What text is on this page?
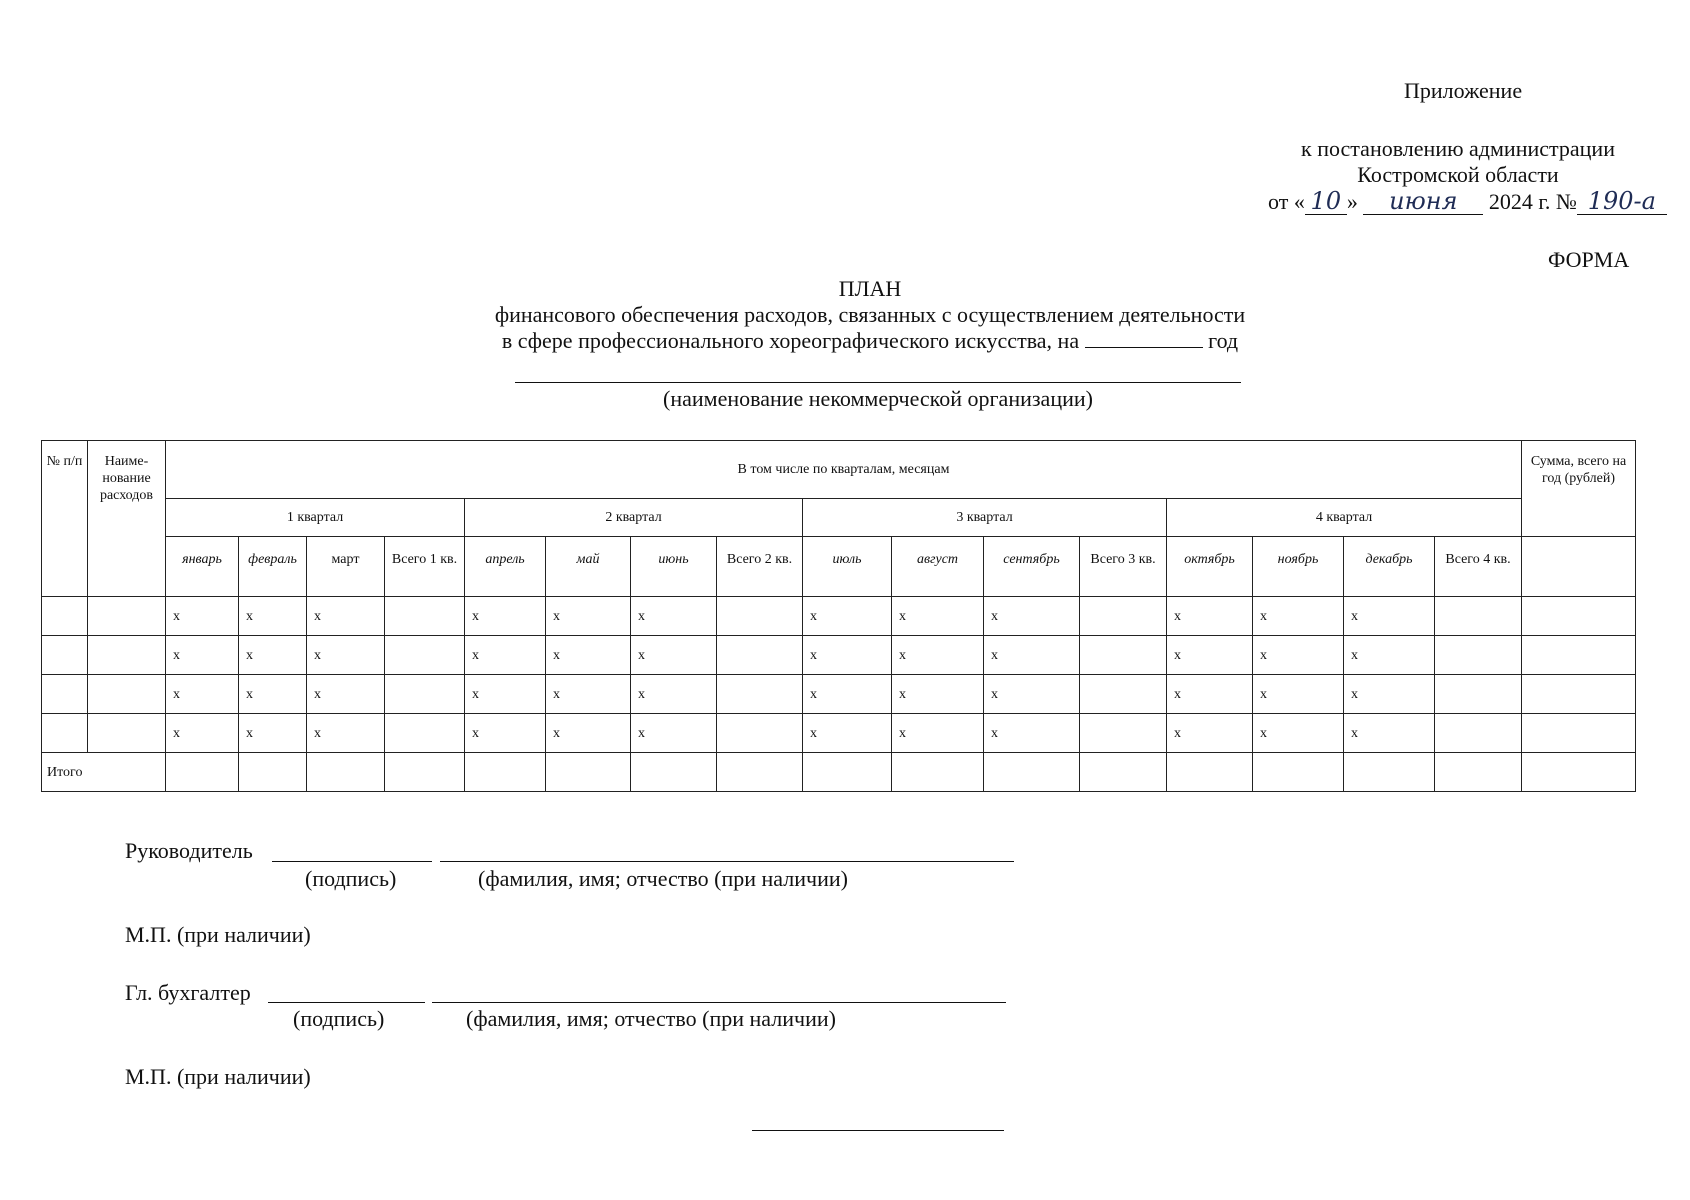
Приложение
к постановлению администрации
Костромской области
от « 10 » июня 2024 г. № 190-а
ФОРМА
ПЛАН
финансового обеспечения расходов, связанных с осуществлением деятельности
в сфере профессионального хореографического искусства, на	год
(наименование некоммерческой организации)
№ п/п	Наиме-нование расходов	В том числе по кварталам, месяцам																Сумма, всего на год (рублей)
		1 квартал				2 квартал				3 квартал				4 квартал				
		январь	февраль	март	Всего 1 кв.	апрель	май	июнь	Всего 2 кв.	июль	август	сентябрь	Всего 3 кв.	октябрь	ноябрь	декабрь	Всего 4 кв.	
		x	x	x		x	x	x		x	x	x		x	x	x		
		x	x	x		x	x	x		x	x	x		x	x	x		
		x	x	x		x	x	x		x	x	x		x	x	x		
		x	x	x		x	x	x		x	x	x		x	x	x		
Итого																		
Руководитель
(подпись)	(фамилия, имя; отчество (при наличии)
М.П. (при наличии)
Гл. бухгалтер
(подпись)	(фамилия, имя; отчество (при наличии)
М.П. (при наличии)
